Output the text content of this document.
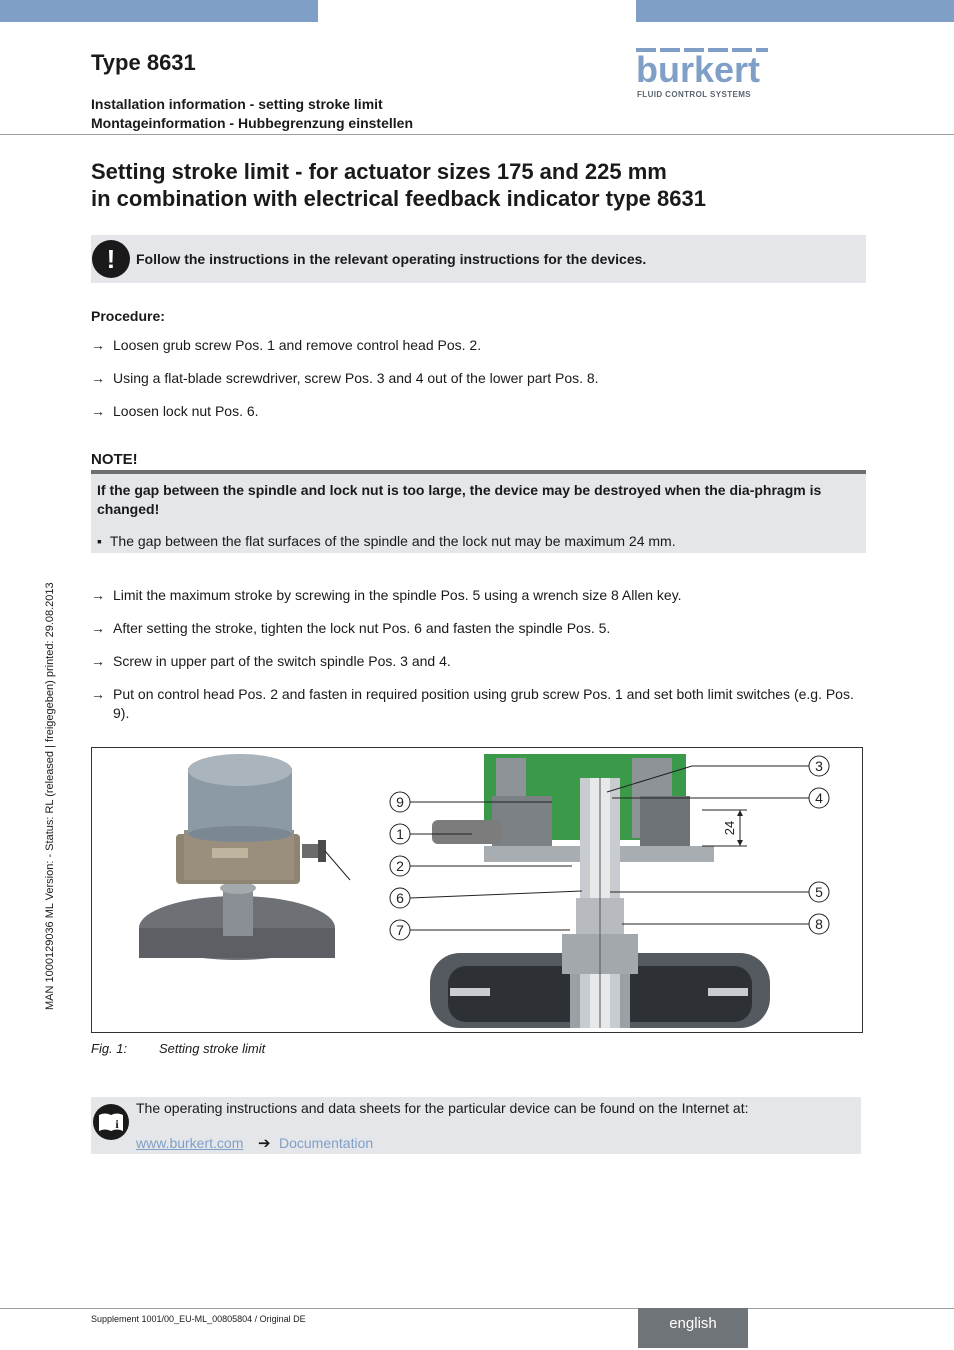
Type 8631
Installation information - setting stroke limit
Montageinformation - Hubbegrenzung einstellen
burkert
FLUID CONTROL SYSTEMS
Setting stroke limit - for actuator sizes 175 and 225 mm
in combination with electrical feedback indicator type 8631
!	Follow the instructions in the relevant operating instructions for the devices.
Procedure:
→ Loosen grub screw Pos. 1 and remove control head Pos. 2.
→ Using a flat-blade screwdriver, screw Pos. 3 and 4 out of the lower part Pos. 8.
→ Loosen lock nut Pos. 6.
NOTE!
If the gap between the spindle and lock nut is too large, the device may be destroyed when the dia-phragm is changed!
▪ The gap between the flat surfaces of the spindle and the lock nut may be maximum 24 mm.
→ Limit the maximum stroke by screwing in the spindle Pos. 5 using a wrench size 8 Allen key.
→ After setting the stroke, tighten the lock nut Pos. 6 and fasten the spindle Pos. 5.
→ Screw in upper part of the switch spindle Pos. 3 and 4.
→ Put on control head Pos. 2 and fasten in required position using grub screw Pos. 1 and set both limit switches (e.g. Pos. 9).
24
9
1
2
6
7
3
4
5
8
Fig. 1: Setting stroke limit
i
The operating instructions and data sheets for the particular device can be found on the Internet at:
www.burkert.com ➔ Documentation
MAN 1000129036 ML Version: - Status: RL (released | freigegeben) printed: 29.08.2013
Supplement 1001/00_EU-ML_00805804 / Original DE	english
